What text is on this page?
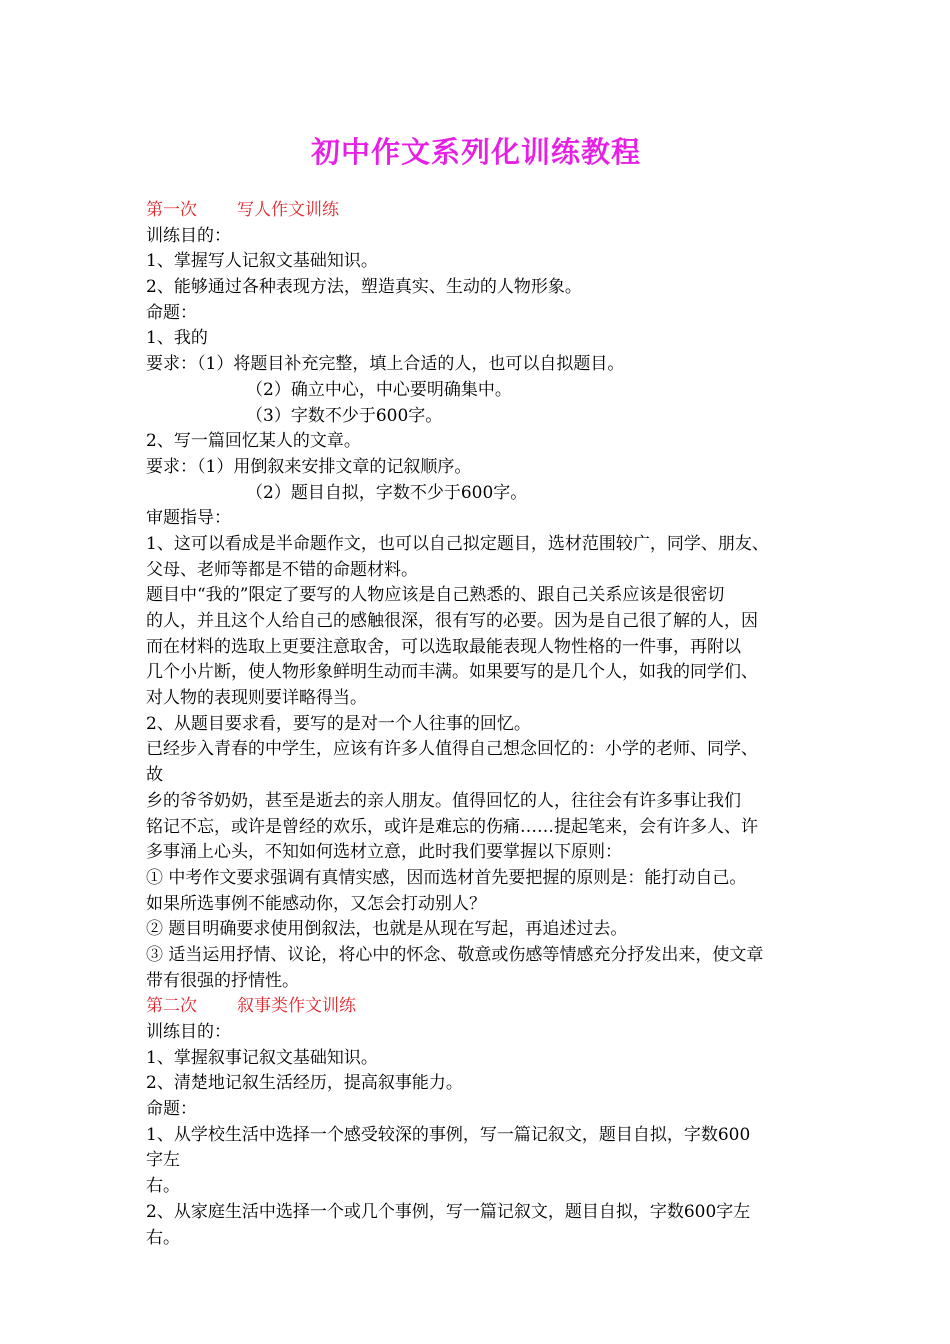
初中作文系列化训练教程
第一次 写人作文训练
训练目的：
1、掌握写人记叙文基础知识。
2、能够通过各种表现方法，塑造真实、生动的人物形象。
命题：
1、我的
要求：（1）将题目补充完整，填上合适的人，也可以自拟题目。
（2）确立中心，中心要明确集中。
（3）字数不少于600字。
2、写一篇回忆某人的文章。
要求：（1）用倒叙来安排文章的记叙顺序。
（2）题目自拟，字数不少于600字。
审题指导：
1、这可以看成是半命题作文，也可以自己拟定题目，选材范围较广，同学、朋友、
父母、老师等都是不错的命题材料。
题目中“我的”限定了要写的人物应该是自己熟悉的、跟自己关系应该是很密切
的人，并且这个人给自己的感触很深，很有写的必要。因为是自己很了解的人，因
而在材料的选取上更要注意取舍，可以选取最能表现人物性格的一件事，再附以
几个小片断，使人物形象鲜明生动而丰满。如果要写的是几个人，如我的同学们、
对人物的表现则要详略得当。
2、从题目要求看，要写的是对一个人往事的回忆。
已经步入青春的中学生，应该有许多人值得自己想念回忆的：小学的老师、同学、
故
乡的爷爷奶奶，甚至是逝去的亲人朋友。值得回忆的人，往往会有许多事让我们
铭记不忘，或许是曾经的欢乐，或许是难忘的伤痛……提起笔来，会有许多人、许
多事涌上心头，不知如何选材立意，此时我们要掌握以下原则：
① 中考作文要求强调有真情实感，因而选材首先要把握的原则是：能打动自己。
如果所选事例不能感动你，又怎会打动别人？
② 题目明确要求使用倒叙法，也就是从现在写起，再追述过去。
③ 适当运用抒情、议论，将心中的怀念、敬意或伤感等情感充分抒发出来，使文章
带有很强的抒情性。
第二次 叙事类作文训练
训练目的：
1、掌握叙事记叙文基础知识。
2、清楚地记叙生活经历，提高叙事能力。
命题：
1、从学校生活中选择一个感受较深的事例，写一篇记叙文，题目自拟，字数600
字左
右。
2、从家庭生活中选择一个或几个事例，写一篇记叙文，题目自拟，字数600字左
右。
